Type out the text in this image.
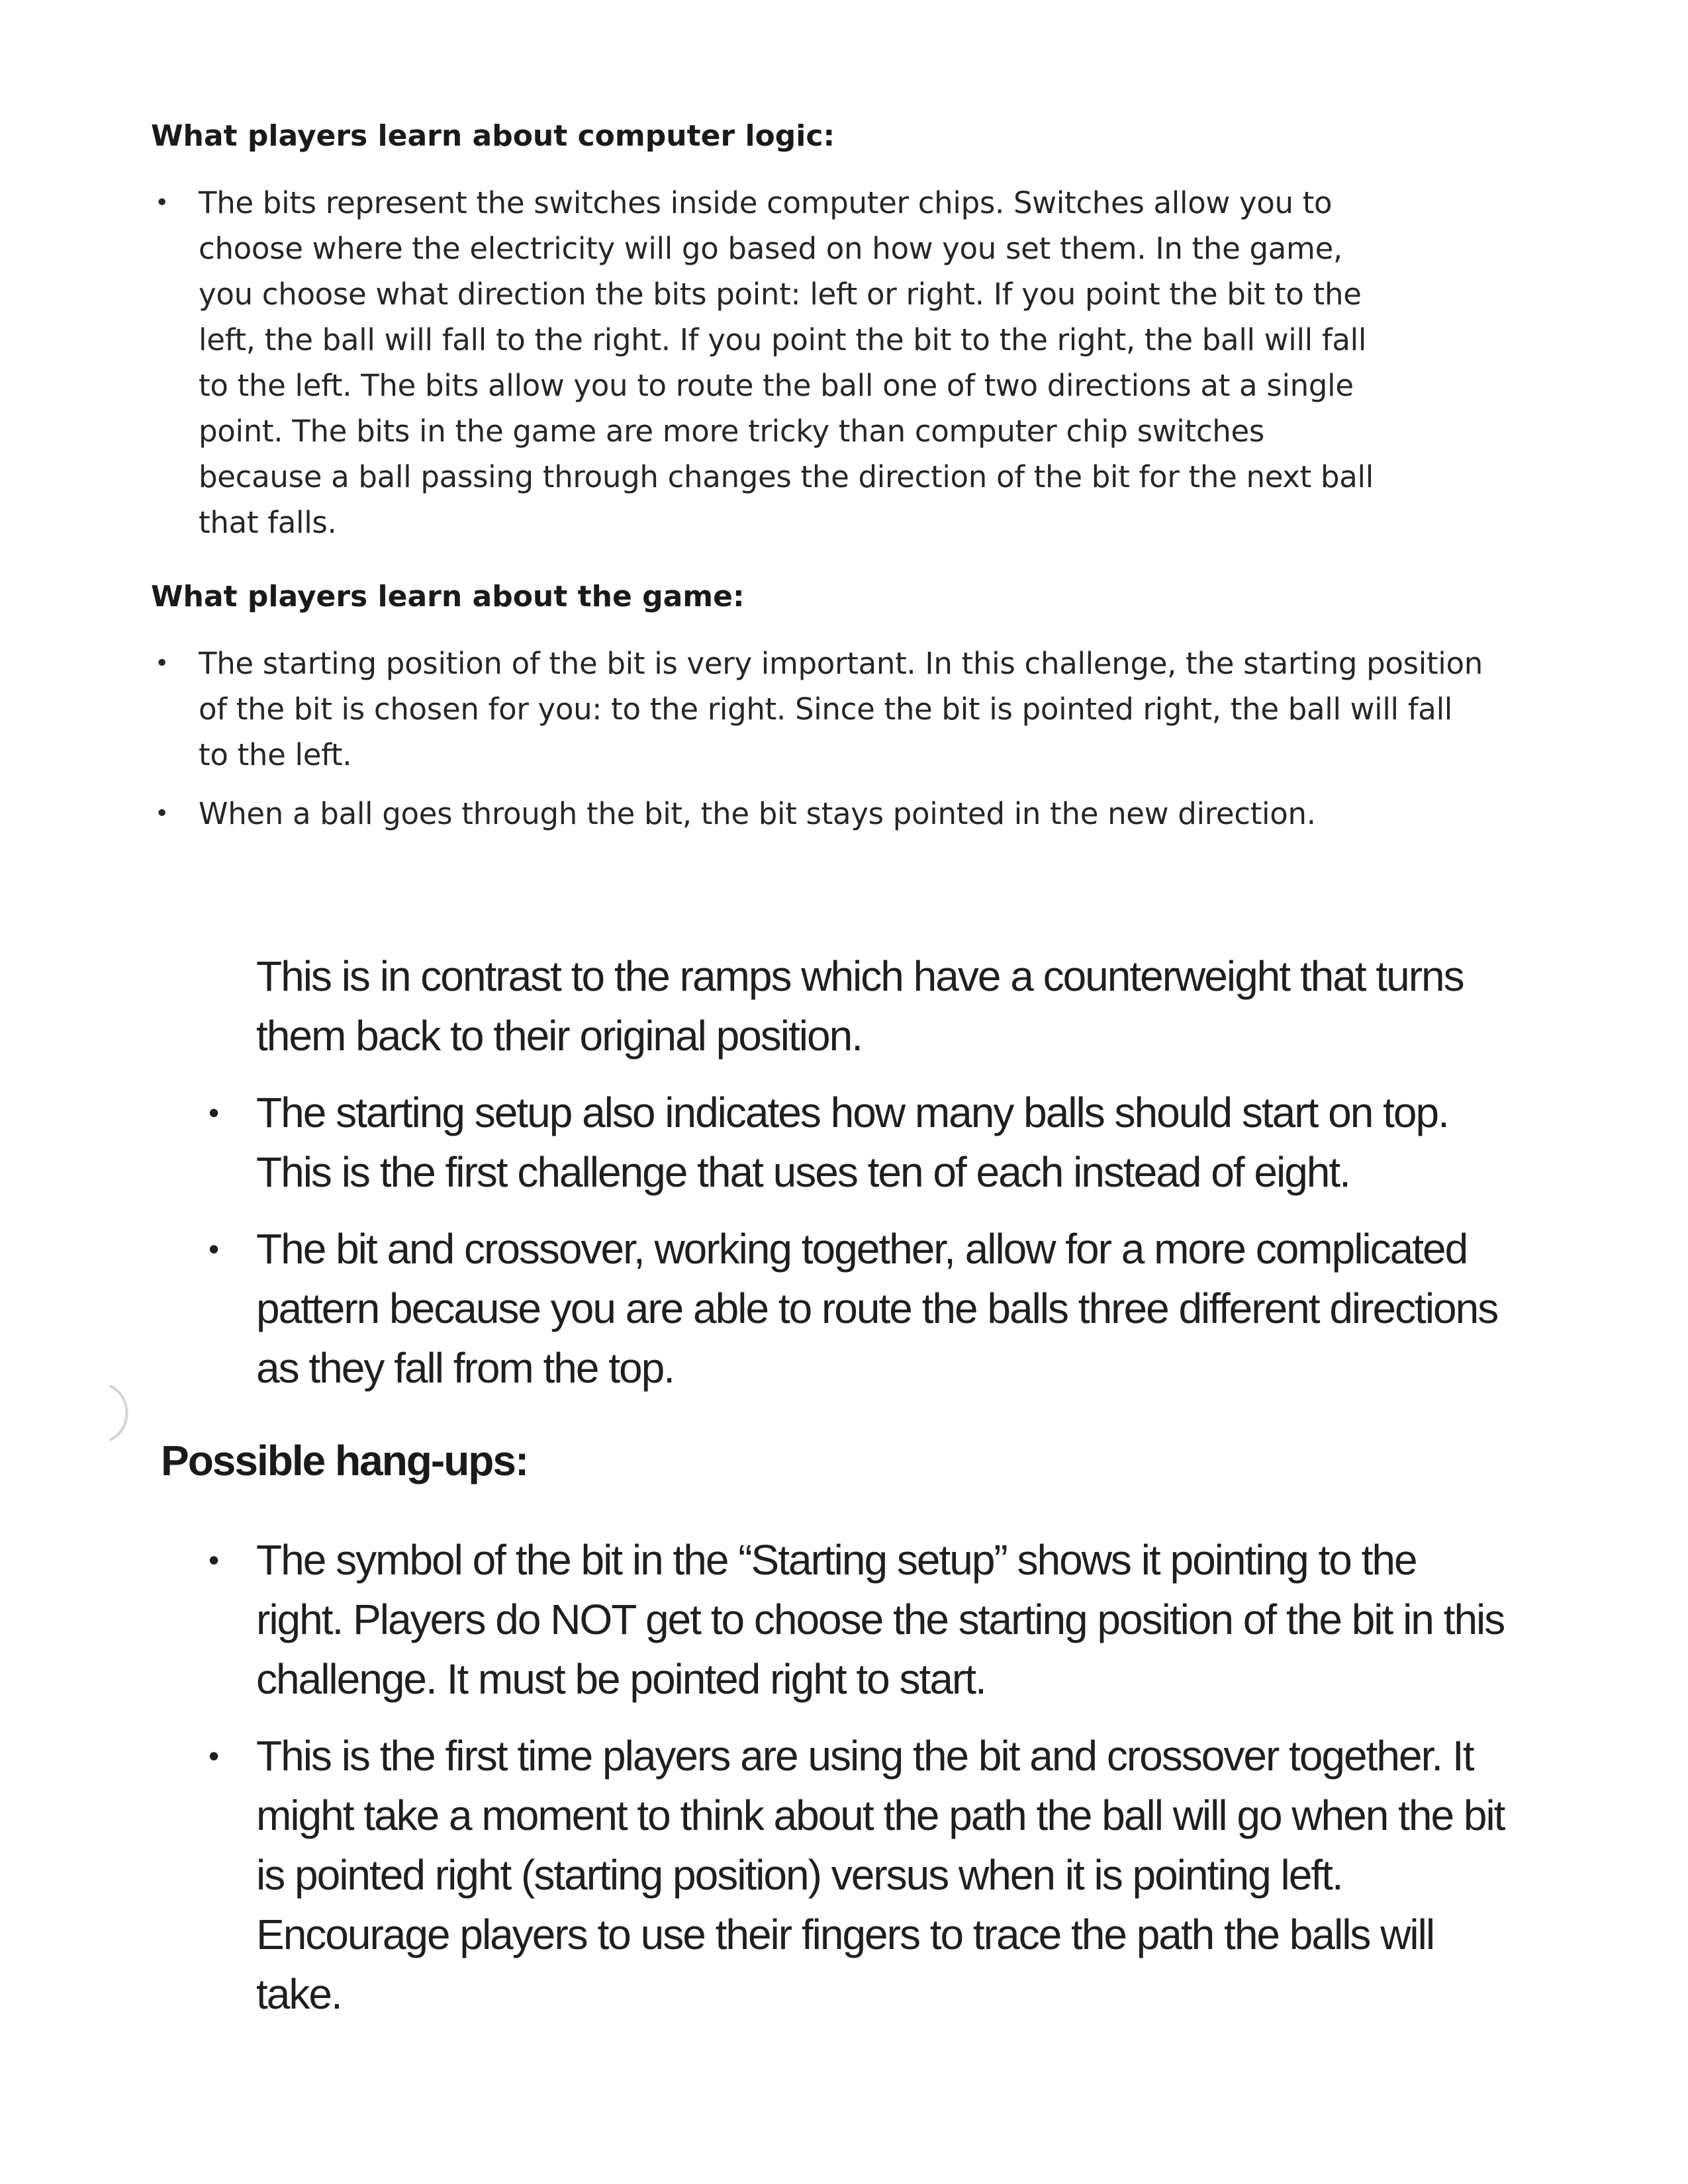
What players learn about computer logic:
• The bits represent the switches inside computer chips. Switches allow you to choose where the electricity will go based on how you set them. In the game, you choose what direction the bits point: left or right. If you point the bit to the left, the ball will fall to the right. If you point the bit to the right, the ball will fall to the left. The bits allow you to route the ball one of two directions at a single point. The bits in the game are more tricky than computer chip switches because a ball passing through changes the direction of the bit for the next ball that falls.
What players learn about the game:
• The starting position of the bit is very important. In this challenge, the starting position of the bit is chosen for you: to the right. Since the bit is pointed right, the ball will fall to the left.
• When a ball goes through the bit, the bit stays pointed in the new direction.

This is in contrast to the ramps which have a counterweight that turns them back to their original position.

• The starting setup also indicates how many balls should start on top. This is the first challenge that uses ten of each instead of eight.
• The bit and crossover, working together, allow for a more complicated pattern because you are able to route the balls three different directions as they fall from the top.
Possible hang-ups:
• The symbol of the bit in the “Starting setup” shows it pointing to the right. Players do NOT get to choose the starting position of the bit in this challenge. It must be pointed right to start.
• This is the first time players are using the bit and crossover together. It might take a moment to think about the path the ball will go when the bit is pointed right (starting position) versus when it is pointing left. Encourage players to use their fingers to trace the path the balls will take.
